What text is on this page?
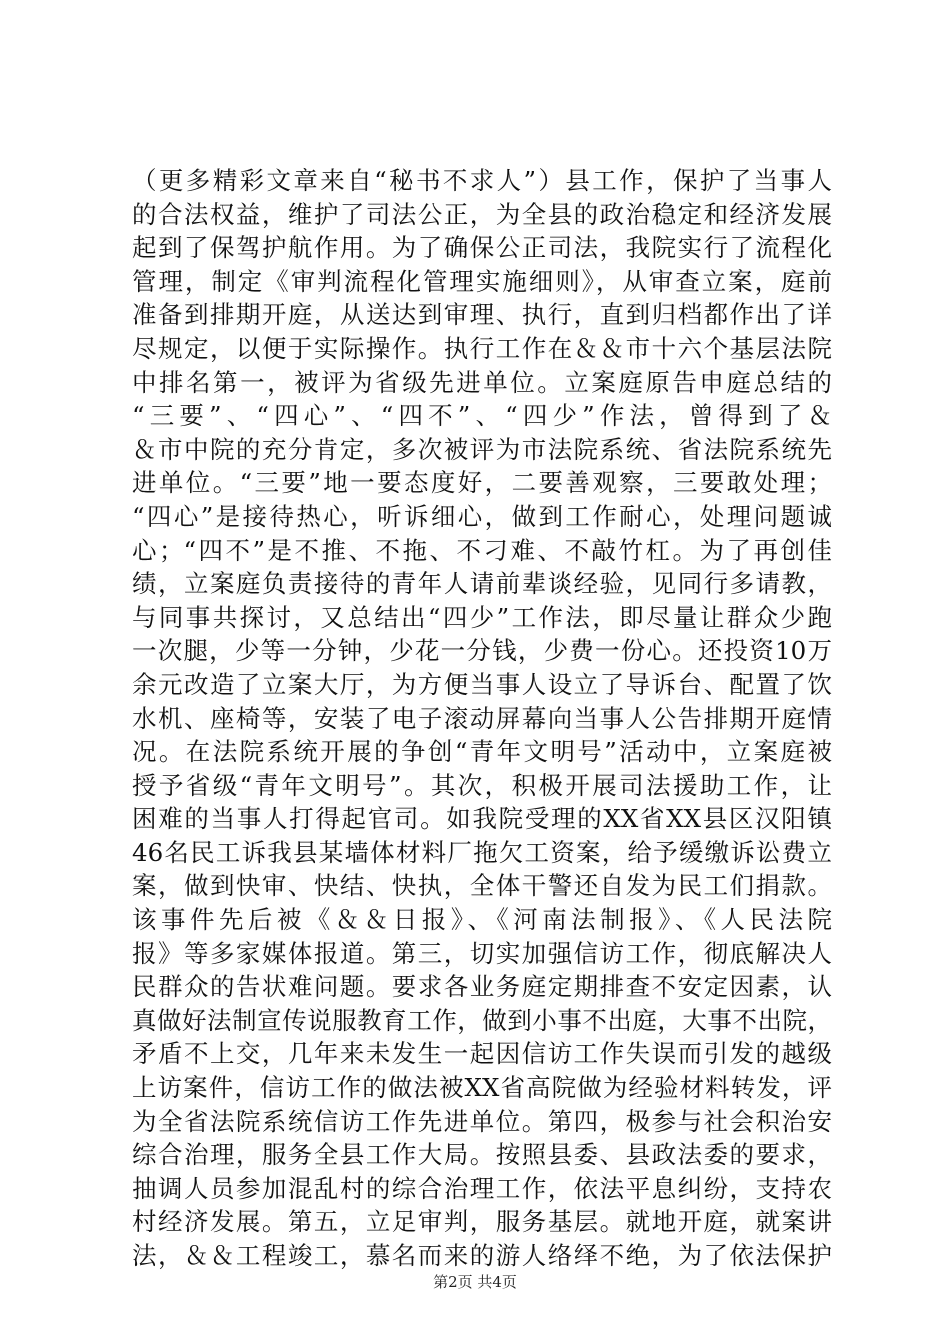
（更多精彩文章来自“秘书不求人”）县工作，保护了当事人
的合法权益，维护了司法公正，为全县的政治稳定和经济发展
起到了保驾护航作用。为了确保公正司法，我院实行了流程化
管理，制定《审判流程化管理实施细则》，从审查立案，庭前
准备到排期开庭，从送达到审理、执行，直到归档都作出了详
尽规定，以便于实际操作。执行工作在＆＆市十六个基层法院
中排名第一，被评为省级先进单位。立案庭原告申庭总结的
“三要”、“四心”、“四不”、“四少”作法，曾得到了＆
＆市中院的充分肯定，多次被评为市法院系统、省法院系统先
进单位。“三要”地一要态度好，二要善观察，三要敢处理；
“四心”是接待热心，听诉细心，做到工作耐心，处理问题诚
心；“四不”是不推、不拖、不刁难、不敲竹杠。为了再创佳
绩，立案庭负责接待的青年人请前辈谈经验，见同行多请教，
与同事共探讨，又总结出“四少”工作法，即尽量让群众少跑
一次腿，少等一分钟，少花一分钱，少费一份心。还投资10万
余元改造了立案大厅，为方便当事人设立了导诉台、配置了饮
水机、座椅等，安装了电子滚动屏幕向当事人公告排期开庭情
况。在法院系统开展的争创“青年文明号”活动中，立案庭被
授予省级“青年文明号”。其次，积极开展司法援助工作，让
困难的当事人打得起官司。如我院受理的XX省XX县区汉阳镇
46名民工诉我县某墙体材料厂拖欠工资案，给予缓缴诉讼费立
案，做到快审、快结、快执，全体干警还自发为民工们捐款。
该事件先后被《＆＆日报》、《河南法制报》、《人民法院
报》等多家媒体报道。第三，切实加强信访工作，彻底解决人
民群众的告状难问题。要求各业务庭定期排查不安定因素，认
真做好法制宣传说服教育工作，做到小事不出庭，大事不出院，
矛盾不上交，几年来未发生一起因信访工作失误而引发的越级
上访案件，信访工作的做法被XX省高院做为经验材料转发，评
为全省法院系统信访工作先进单位。第四，极参与社会积治安
综合治理，服务全县工作大局。按照县委、县政法委的要求，
抽调人员参加混乱村的综合治理工作，依法平息纠纷，支持农
村经济发展。第五，立足审判，服务基层。就地开庭，就案讲
法，＆＆工程竣工，慕名而来的游人络绎不绝，为了依法保护
第2页 共4页
